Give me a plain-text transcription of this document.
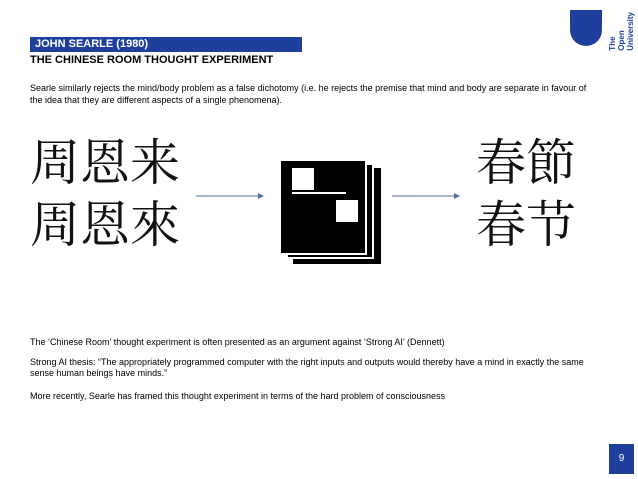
JOHN SEARLE (1980)
THE CHINESE ROOM THOUGHT EXPERIMENT
The
Open
University
Searle similarly rejects the mind/body problem as a false dichotomy (i.e. he rejects the premise that mind and body are separate in favour of the idea that they are different aspects of a single phenomena).
周恩来
周恩來
春節
春节
The ‘Chinese Room’ thought experiment is often presented as an argument against ‘Strong AI’ (Dennett)
Strong AI thesis: “The appropriately programmed computer with the right inputs and outputs would thereby have a mind in exactly the same sense human beings have minds.”
More recently, Searle has framed this thought experiment in terms of the hard problem of consciousness
9
